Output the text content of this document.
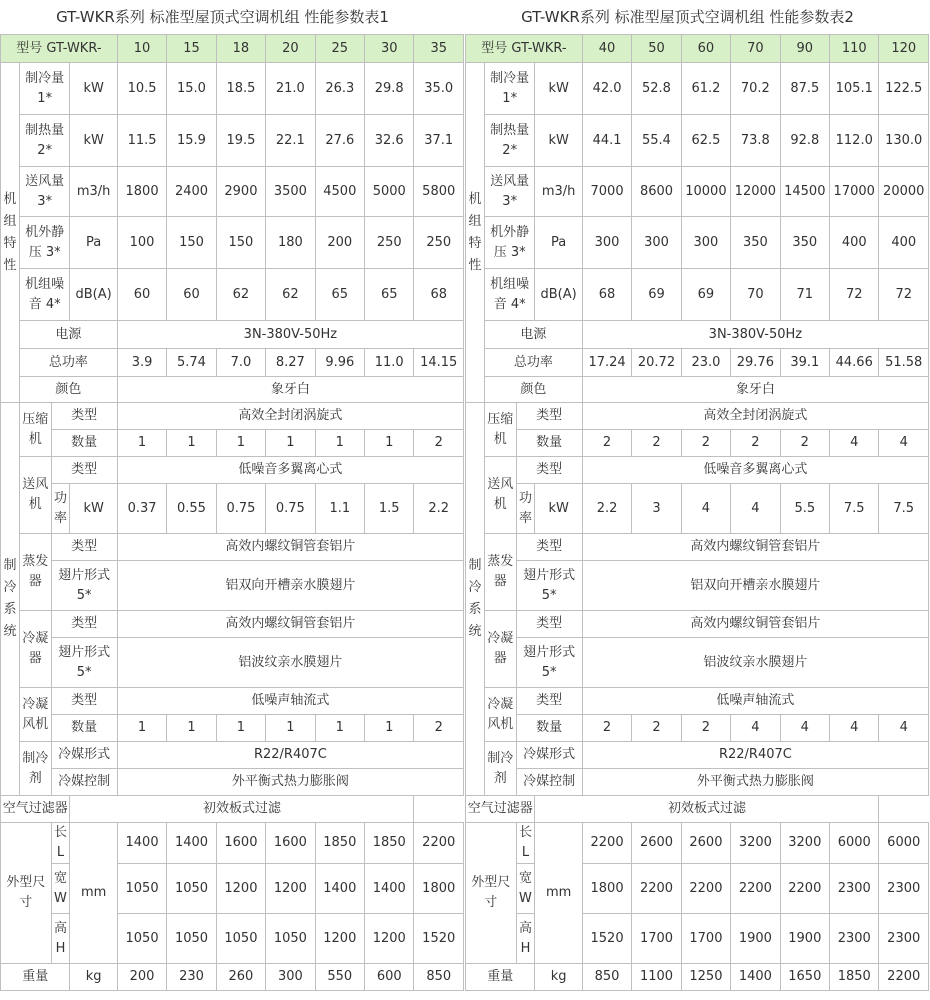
GT-WKR系列 标准型屋顶式空调机组 性能参数表1
型号 GT-WKR-				10	15	18	20	25	30	35

机组特性	制冷量 1*		kW	10.5	15.0	18.5	21.0	26.3	29.8	35.0
	制热量 2*		kW	11.5	15.9	19.5	22.1	27.6	32.6	37.1
	送风量 3*		m3/h	1800	2400	2900	3500	4500	5000	5800
	机外静压 3*		Pa	100	150	150	180	200	250	250
	机组噪音 4*		dB(A)	60	60	62	62	65	65	68
	电源			3N-380V-50Hz						
	总功率			3.9	5.74	7.0	8.27	9.96	11.0	14.15
	颜色			象牙白						

制冷系统	压缩机	类型		高效全封闭涡旋式						
		数量		1	1	1	1	1	1	2
	送风机	类型		低噪音多翼离心式						
		功率	kW	0.37	0.55	0.75	0.75	1.1	1.5	2.2
	蒸发器	类型		高效内螺纹铜管套铝片						
		翅片形式5*		铝双向开槽亲水膜翅片						
	冷凝器	类型		高效内螺纹铜管套铝片						
		翅片形式5*		铝波纹亲水膜翅片						
	冷凝风机	类型		低噪声轴流式						
		数量		1	1	1	1	1	1	2
	制冷剂	冷媒形式		R22/R407C						
		冷媒控制		外平衡式热力膨胀阀						
空气过滤器			初效板式过滤							
外型尺寸		长L	mm	1400	1400	1600	1600	1850	1850	2200
		宽W		1050	1050	1200	1200	1400	1400	1800
		高H		1050	1050	1050	1050	1200	1200	1520
重量			kg	200	230	260	300	550	600	850
GT-WKR系列 标准型屋顶式空调机组 性能参数表2
型号 GT-WKR-				40	50	60	70	90	110	120

机组特性	制冷量 1*		kW	42.0	52.8	61.2	70.2	87.5	105.1	122.5
	制热量 2*		kW	44.1	55.4	62.5	73.8	92.8	112.0	130.0
	送风量 3*		m3/h	7000	8600	10000	12000	14500	17000	20000
	机外静压 3*		Pa	300	300	300	350	350	400	400
	机组噪音 4*		dB(A)	68	69	69	70	71	72	72
	电源			3N-380V-50Hz						
	总功率			17.24	20.72	23.0	29.76	39.1	44.66	51.58
	颜色			象牙白						

制冷系统	压缩机	类型		高效全封闭涡旋式						
		数量		2	2	2	2	2	4	4
	送风机	类型		低噪音多翼离心式						
		功率	kW	2.2	3	4	4	5.5	7.5	7.5
	蒸发器	类型		高效内螺纹铜管套铝片						
		翅片形式5*		铝双向开槽亲水膜翅片						
	冷凝器	类型		高效内螺纹铜管套铝片						
		翅片形式5*		铝波纹亲水膜翅片						
	冷凝风机	类型		低噪声轴流式						
		数量		2	2	2	4	4	4	4
	制冷剂	冷媒形式		R22/R407C						
		冷媒控制		外平衡式热力膨胀阀						
空气过滤器			初效板式过滤							
外型尺寸		长L	mm	2200	2600	2600	3200	3200	6000	6000
		宽W		1800	2200	2200	2200	2200	2300	2300
		高H		1520	1700	1700	1900	1900	2300	2300
重量			kg	850	1100	1250	1400	1650	1850	2200
